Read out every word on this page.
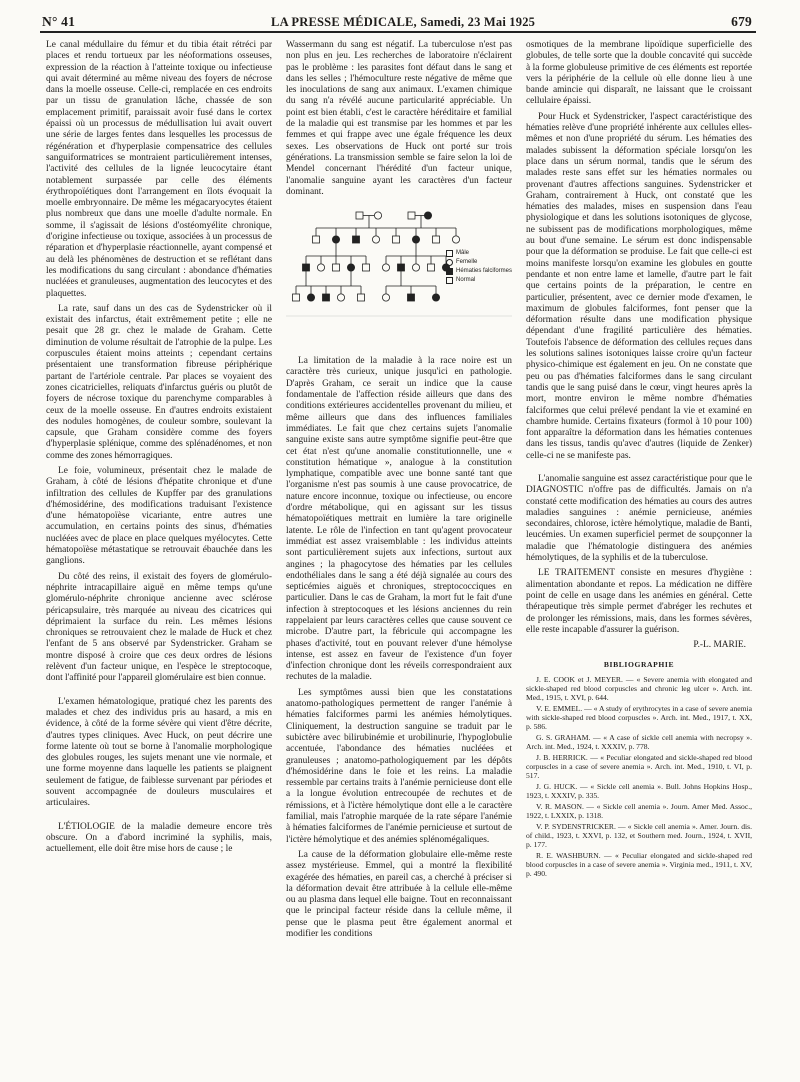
N° 41	LA PRESSE MÉDICALE, Samedi, 23 Mai 1925	679

Le canal médullaire du fémur et du tibia était rétréci par places et rendu tortueux par les néoformations osseuses, expression de la réaction à l'atteinte toxique ou infectieuse qui avait déterminé au même niveau des foyers de nécrose dans la moelle osseuse. Celle-ci, remplacée en ces endroits par un tissu de granulation lâche, chassée de son emplacement primitif, paraissait avoir fusé dans le cortex épaissi où un processus de médullisation lui avait ouvert une série de larges fentes dans lesquelles les processus de régénération et d'hyperplasie compensatrice des cellules sanguiformatrices se montraient particulièrement intenses, l'activité des cellules de la lignée leucocytaire étant notablement surpassée par celle des éléments érythropoïétiques dont l'arrangement en îlots évoquait la moelle embryonnaire. De même les mégacaryocytes étaient plus nombreux que dans une moelle d'adulte normale. En somme, il s'agissait de lésions d'ostéomyélite chronique, d'origine infectieuse ou toxique, associées à un processus de réparation et d'hyperplasie réactionnelle, ayant compensé et au delà les phénomènes de destruction et se reflétant dans les modifications du sang circulant : abondance d'hématies nucléées et granuleuses, augmentation des leucocytes et des plaquettes.

La rate, sauf dans un des cas de Sydenstricker où il existait des infarctus, était extrêmement petite ; elle ne pesait que 28 gr. chez le malade de Graham. Cette diminution de volume résultait de l'atrophie de la pulpe. Les corpuscules étaient moins atteints ; cependant certains présentaient une transformation fibreuse périphérique partant de l'artériole centrale. Par places se voyaient des zones cicatricielles, reliquats d'infarctus guéris ou plutôt de foyers de nécrose toxique du parenchyme comparables à ceux de la moelle osseuse. En d'autres endroits existaient des nodules homogènes, de couleur sombre, soulevant la capsule, que Graham considère comme des foyers d'hyperplasie splénique, comme des splénadénomes, et non comme des zones hémorragiques.

Le foie, volumineux, présentait chez le malade de Graham, à côté de lésions d'hépatite chronique et d'une infiltration des cellules de Kupffer par des granulations d'hémosidérine, des modifications traduisant l'existence d'une hématopoïèse vicariante, entre autres une accumulation, en certains points des sinus, d'hématies nucléées avec de place en place quelques myélocytes. Cette hématopoïèse métastatique se retrouvait ébauchée dans les ganglions.

Du côté des reins, il existait des foyers de glomérulo-néphrite intracapillaire aiguë en même temps qu'une glomérulo-néphrite chronique ancienne avec sclérose péricapsulaire, très marquée au niveau des cicatrices qui déprimaient la surface du rein. Les mêmes lésions chroniques se retrouvaient chez le malade de Huck et chez l'enfant de 5 ans observé par Sydenstricker. Graham se montre disposé à croire que ces deux ordres de lésions relèvent d'un facteur unique, en l'espèce le streptocoque, dont l'affinité pour l'appareil glomérulaire est bien connue.

L'examen hématologique, pratiqué chez les parents des malades et chez des individus pris au hasard, a mis en évidence, à côté de la forme sévère qui vient d'être décrite, d'autres types cliniques. Avec Huck, on peut décrire une forme latente où tout se borne à l'anomalie morphologique des globules rouges, les sujets menant une vie normale, et une forme moyenne dans laquelle les patients se plaignent seulement de fatigue, de faiblesse survenant par périodes et souvent accompagnée de douleurs musculaires et articulaires.

L'ÉTIOLOGIE de la maladie demeure encore très obscure. On a d'abord incriminé la syphilis, mais, actuellement, elle doit être mise hors de cause ; le

Wassermann du sang est négatif. La tuberculose n'est pas non plus en jeu. Les recherches de laboratoire n'éclairent pas le problème : les parasites font défaut dans le sang et dans les selles ; l'hémoculture reste négative de même que les inoculations de sang aux animaux. L'examen chimique du sang n'a révélé aucune particularité appréciable. Un point est bien établi, c'est le caractère héréditaire et familial de la maladie qui est transmise par les hommes et par les femmes et qui frappe avec une égale fréquence les deux sexes. Les observations de Huck ont porté sur trois générations. La transmission semble se faire selon la loi de Mendel concernant l'hérédité d'un facteur unique, l'anomalie sanguine ayant les caractères d'un facteur dominant.

Mâle
Femelle
Hématies falciformes
Normal

La limitation de la maladie à la race noire est un caractère très curieux, unique jusqu'ici en pathologie. D'après Graham, ce serait un indice que la cause fondamentale de l'affection réside ailleurs que dans des conditions extérieures accidentelles provenant du milieu, et même ailleurs que dans des influences familiales immédiates. Le fait que chez certains sujets l'anomalie sanguine existe sans autre symptôme signifie peut-être que cet état n'est qu'une anomalie constitutionnelle, une « constitution hématique », analogue à la constitution lymphatique, compatible avec une bonne santé tant que l'organisme n'est pas soumis à une cause provocatrice, de nature encore inconnue, toxique ou infectieuse, ou encore d'ordre métabolique, qui en agissant sur les tissus hématopoïétiques mettrait en lumière la tare originelle latente. Le rôle de l'infection en tant qu'agent provocateur immédiat est assez vraisemblable : les individus atteints sont particulièrement sujets aux infections, surtout aux angines ; la phagocytose des hématies par les cellules endothéliales dans le sang a été déjà signalée au cours des septicémies aiguës et chroniques, streptococciques en particulier. Dans le cas de Graham, la mort fut le fait d'une infection à streptocoques et les lésions anciennes du rein rappelaient par leurs caractères celles que cause souvent ce microbe. D'autre part, la fébricule qui accompagne les phases d'activité, tout en pouvant relever d'une hémolyse intense, est assez en faveur de l'existence d'un foyer d'infection chronique dont les réveils correspondraient aux rechutes de la maladie.

Les symptômes aussi bien que les constatations anatomo-pathologiques permettent de ranger l'anémie à hématies falciformes parmi les anémies hémolytiques. Cliniquement, la destruction sanguine se traduit par le subictère avec bilirubinémie et urobilinurie, l'hypoglobulie accentuée, l'abondance des hématies nucléées et granuleuses ; anatomo-pathologiquement par les dépôts d'hémosidérine dans le foie et les reins. La maladie ressemble par certains traits à l'anémie pernicieuse dont elle a la longue évolution entrecoupée de rechutes et de rémissions, et à l'ictère hémolytique dont elle a le caractère familial, mais l'atrophie marquée de la rate sépare l'anémie à hématies falciformes de l'anémie pernicieuse et surtout de l'ictère hémolytique et des anémies splénomégaliques.

La cause de la déformation globulaire elle-même reste assez mystérieuse. Emmel, qui a montré la flexibilité exagérée des hématies, en pareil cas, a cherché à préciser si la déformation devait être attribuée à la cellule elle-même ou au plasma dans lequel elle baigne. Tout en reconnaissant que le principal facteur réside dans la cellule même, il pense que le plasma peut être également anormal et modifier les conditions

osmotiques de la membrane lipoïdique superficielle des globules, de telle sorte que la double concavité qui succède à la forme globuleuse primitive de ces éléments est reportée vers la périphérie de la cellule où elle donne lieu à une bande amincie qui disparaît, ne laissant que le croissant cellulaire épaissi.

Pour Huck et Sydenstricker, l'aspect caractéristique des hématies relève d'une propriété inhérente aux cellules elles-mêmes et non d'une propriété du sérum. Les hématies des malades subissent la déformation spéciale lorsqu'on les place dans un sérum normal, tandis que le sérum des malades reste sans effet sur les hématies normales ou provenant d'autres affections sanguines. Sydenstricker et Graham, contrairement à Huck, ont constaté que les hématies des malades, mises en suspension dans l'eau physiologique et dans les solutions isotoniques de glycose, ne subissent pas de modifications morphologiques, même au bout d'une semaine. Le sérum est donc indispensable pour que la déformation se produise. Le fait que celle-ci est moins manifeste lorsqu'on examine les globules en goutte pendante et non entre lame et lamelle, d'autre part le fait que certains points de la préparation, le centre en particulier, présentent, avec ce dernier mode d'examen, le maximum de globules falciformes, font penser que la déformation résulte dans une modification physique dépendant d'une fragilité particulière des hématies. Toutefois l'absence de déformation des cellules reçues dans les solutions salines isotoniques laisse croire qu'un facteur physico-chimique est également en jeu. On ne constate que peu ou pas d'hématies falciformes dans le sang circulant tandis que le sang puisé dans le cœur, vingt heures après la mort, montre environ le même nombre d'hématies falciformes que celui prélevé pendant la vie et examiné en chambre humide. Certains fixateurs (formol à 10 pour 100) font apparaître la déformation dans les hématies contenues dans les tissus, tandis qu'avec d'autres (liquide de Zenker) celle-ci ne se manifeste pas.

L'anomalie sanguine est assez caractéristique pour que le DIAGNOSTIC n'offre pas de difficultés. Jamais on n'a constaté cette modification des hématies au cours des autres maladies sanguines : anémie pernicieuse, anémies secondaires, chlorose, ictère hémolytique, maladie de Banti, leucémies. Un examen superficiel permet de soupçonner la maladie que l'hématologie distinguera des anémies hémolytiques, de la syphilis et de la tuberculose.

LE TRAITEMENT consiste en mesures d'hygiène : alimentation abondante et repos. La médication ne diffère point de celle en usage dans les anémies en général. Cette thérapeutique très simple permet d'abréger les rechutes et de prolonger les rémissions, mais, dans les formes sévères, elle reste incapable d'assurer la guérison.

P.-L. MARIE.
BIBLIOGRAPHIE

J. E. COOK et J. MEYER. — « Severe anemia with elongated and sickle-shaped red blood corpuscles and chronic leg ulcer ». Arch. int. Med., 1915, t. XVI, p. 644.

V. E. EMMEL. — « A study of erythrocytes in a case of severe anemia with sickle-shaped red blood corpuscles ». Arch. int. Med., 1917, t. XX, p. 586.

G. S. GRAHAM. — « A case of sickle cell anemia with necropsy ». Arch. int. Med., 1924, t. XXXIV, p. 778.

J. B. HERRICK. — « Peculiar elongated and sickle-shaped red blood corpuscles in a case of severe anemia ». Arch. int. Med., 1910, t. VI, p. 517.

J. G. HUCK. — « Sickle cell anemia ». Bull. Johns Hopkins Hosp., 1923, t. XXXIV, p. 335.

V. R. MASON. — « Sickle cell anemia ». Journ. Amer Med. Assoc., 1922, t. LXXIX, p. 1318.

V. P. SYDENSTRICKER. — « Sickle cell anemia ». Amer. Journ. dis. of child., 1923, t. XXVI, p. 132, et Southern med. Journ., 1924, t. XVII, p. 177.

R. E. WASHBURN. — « Peculiar elongated and sickle-shaped red blood corpuscles in a case of severe anemia ». Virginia med., 1911, t. XV, p. 490.
